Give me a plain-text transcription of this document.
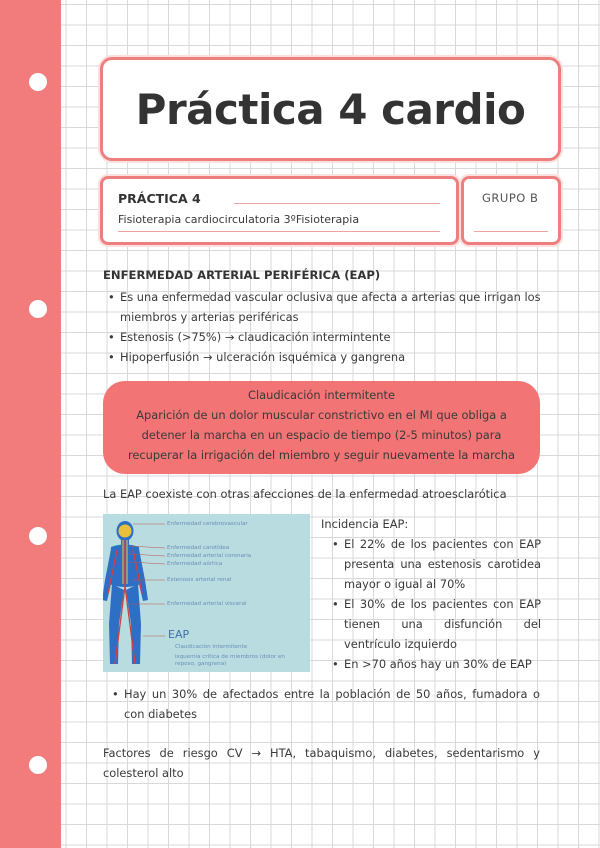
Práctica 4 cardio
PRÁCTICA 4
Fisioterapia cardiocirculatoria 3ºFisioterapia
GRUPO B
ENFERMEDAD ARTERIAL PERIFÉRICA (EAP)
• Es una enfermedad vascular oclusiva que afecta a arterias que irrigan los miembros y arterias periféricas
• Estenosis (>75%) → claudicación intermintente
• Hipoperfusión → ulceración isquémica y gangrena
Claudicación intermitente
Aparición de un dolor muscular constrictivo en el MI que obliga a detener la marcha en un espacio de tiempo (2-5 minutos) para recuperar la irrigación del miembro y seguir nuevamente la marcha
La EAP coexiste con otras afecciones de la enfermedad atroesclarótica
Enfermedad cerebrovascular
Enfermedad carotídea
Enfermedad arterial coronaria
Enfermedad aórtica
Estenosis arterial renal
Enfermedad arterial visceral
EAP
Claudicación intermitente
Isquemia crítica de miembros (dolor en reposo, gangrena)
Incidencia EAP:
• El 22% de los pacientes con EAP presenta una estenosis carotidea mayor o igual al 70%
• El 30% de los pacientes con EAP tienen una disfunción del ventrículo izquierdo
• En >70 años hay un 30% de EAP
• Hay un 30% de afectados entre la población de 50 años, fumadora o con diabetes
Factores de riesgo CV → HTA, tabaquismo, diabetes, sedentarismo y colesterol alto
